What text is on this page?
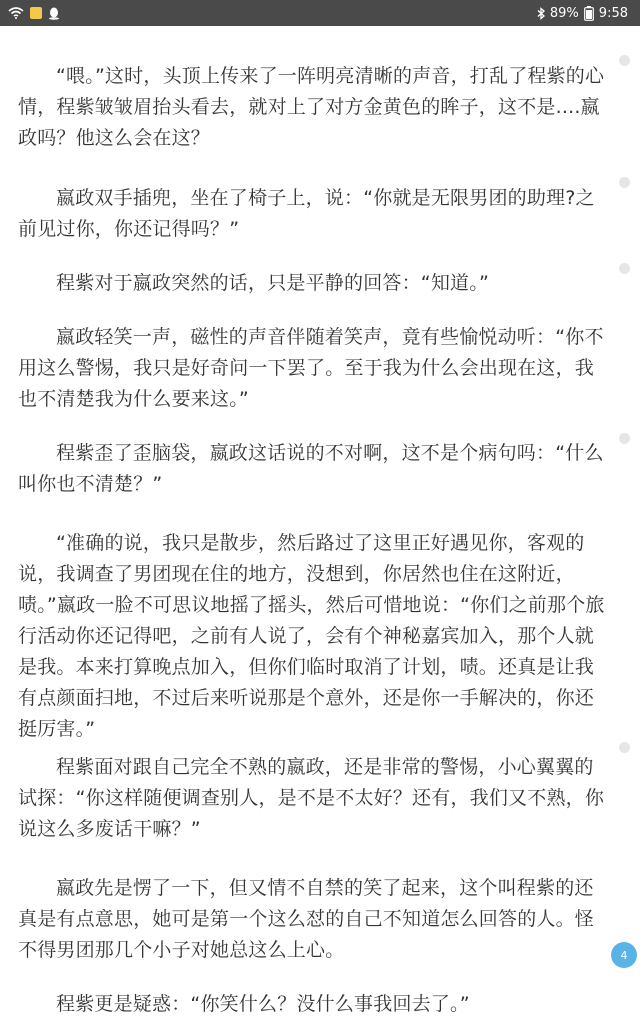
“喂。”这时，头顶上传来了一阵明亮清晰的声音，打乱了程紫的心情，程紫皱皱眉抬头看去，就对上了对方金黄色的眸子，这不是....嬴政吗？他这么会在这？

嬴政双手插兜，坐在了椅子上，说：“你就是无限男团的助理?之前见过你，你还记得吗？”

程紫对于嬴政突然的话，只是平静的回答：“知道。”

嬴政轻笑一声，磁性的声音伴随着笑声，竟有些愉悦动听：“你不用这么警惕，我只是好奇问一下罢了。至于我为什么会出现在这，我也不清楚我为什么要来这。”

程紫歪了歪脑袋，嬴政这话说的不对啊，这不是个病句吗：“什么叫你也不清楚？”

“准确的说，我只是散步，然后路过了这里正好遇见你，客观的说，我调查了男团现在住的地方，没想到，你居然也住在这附近，啧。”嬴政一脸不可思议地摇了摇头，然后可惜地说：“你们之前那个旅行活动你还记得吧，之前有人说了，会有个神秘嘉宾加入，那个人就是我。本来打算晚点加入，但你们临时取消了计划，啧。还真是让我有点颜面扫地，不过后来听说那是个意外，还是你一手解决的，你还挺厉害。”

程紫面对跟自己完全不熟的嬴政，还是非常的警惕，小心翼翼的试探：“你这样随便调查别人，是不是不太好？还有，我们又不熟，你说这么多废话干嘛？”

嬴政先是愣了一下，但又情不自禁的笑了起来，这个叫程紫的还真是有点意思，她可是第一个这么怼的自己不知道怎么回答的人。怪不得男团那几个小子对她总这么上心。

程紫更是疑惑：“你笑什么？没什么事我回去了。”

89% 9:58
4
